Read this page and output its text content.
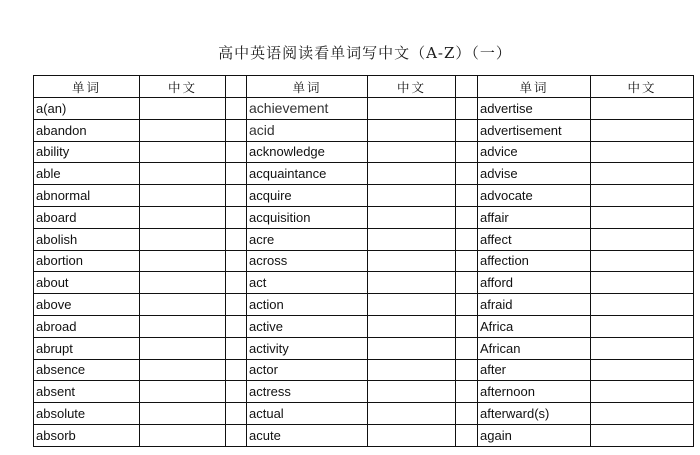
高中英语阅读看单词写中文（A-Z）（一）
单词	中文		单词	中文		单词	中文
a(an)			achievement			advertise	
abandon			acid			advertisement	
ability			acknowledge			advice	
able			acquaintance			advise	
abnormal			acquire			advocate	
aboard			acquisition			affair	
abolish			acre			affect	
abortion			across			affection	
about			act			afford	
above			action			afraid	
abroad			active			Africa	
abrupt			activity			African	
absence			actor			after	
absent			actress			afternoon	
absolute			actual			afterward(s)	
absorb			acute			again	
